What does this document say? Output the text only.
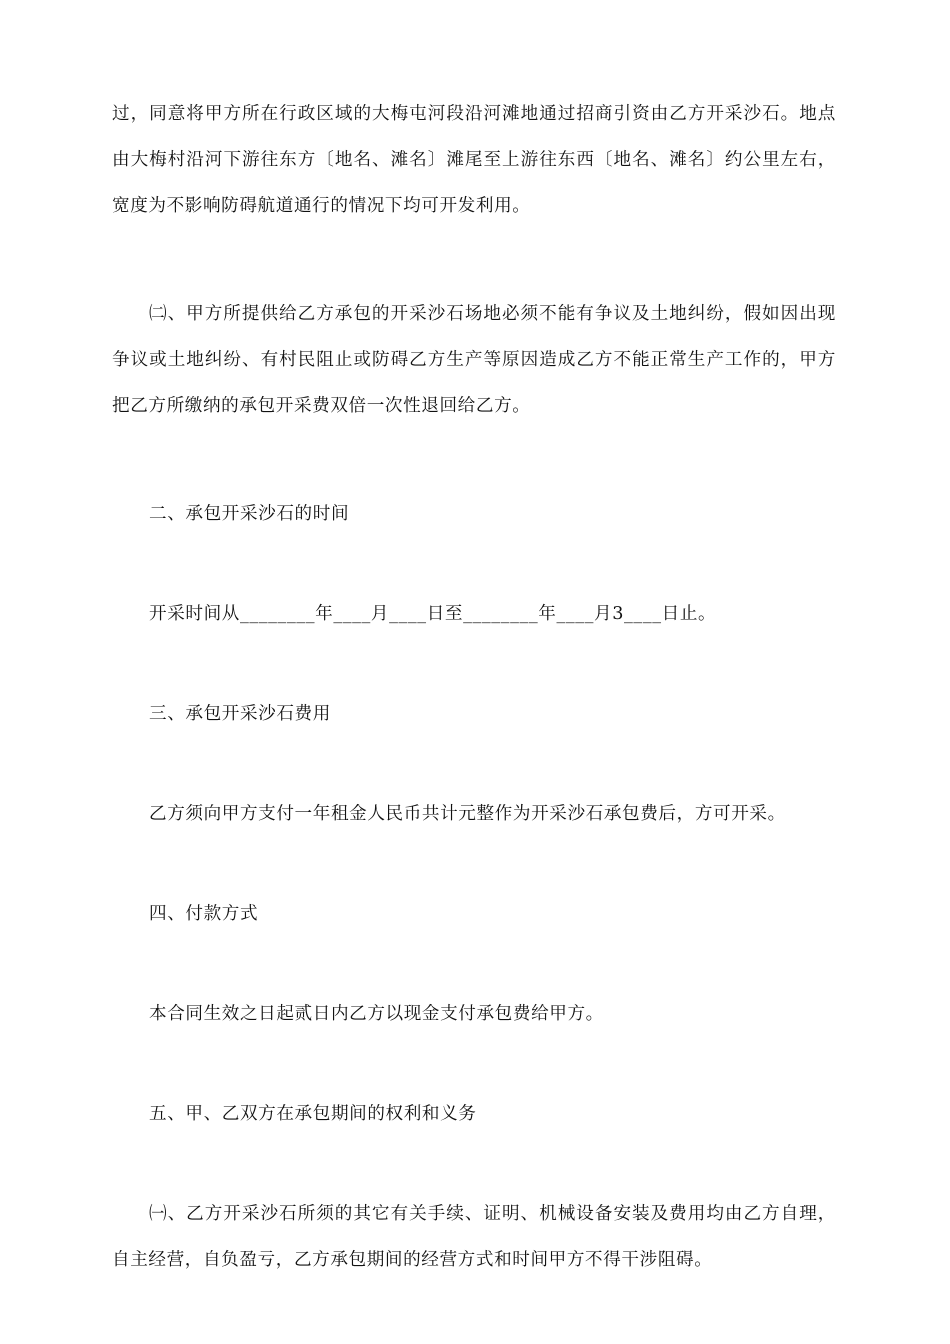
过，同意将甲方所在行政区域的大梅屯河段沿河滩地通过招商引资由乙方开采沙石。地点由大梅村沿河下游往东方〔地名、滩名〕滩尾至上游往东西〔地名、滩名〕约公里左右，宽度为不影响防碍航道通行的情况下均可开发利用。

㈡、甲方所提供给乙方承包的开采沙石场地必须不能有争议及土地纠纷，假如因出现争议或土地纠纷、有村民阻止或防碍乙方生产等原因造成乙方不能正常生产工作的，甲方把乙方所缴纳的承包开采费双倍一次性退回给乙方。

二、承包开采沙石的时间

开采时间从________年____月____日至________年____月3____日止。

三、承包开采沙石费用

乙方须向甲方支付一年租金人民币共计元整作为开采沙石承包费后，方可开采。

四、付款方式

本合同生效之日起贰日内乙方以现金支付承包费给甲方。

五、甲、乙双方在承包期间的权利和义务

㈠、乙方开采沙石所须的其它有关手续、证明、机械设备安装及费用均由乙方自理，自主经营，自负盈亏，乙方承包期间的经营方式和时间甲方不得干涉阻碍。
